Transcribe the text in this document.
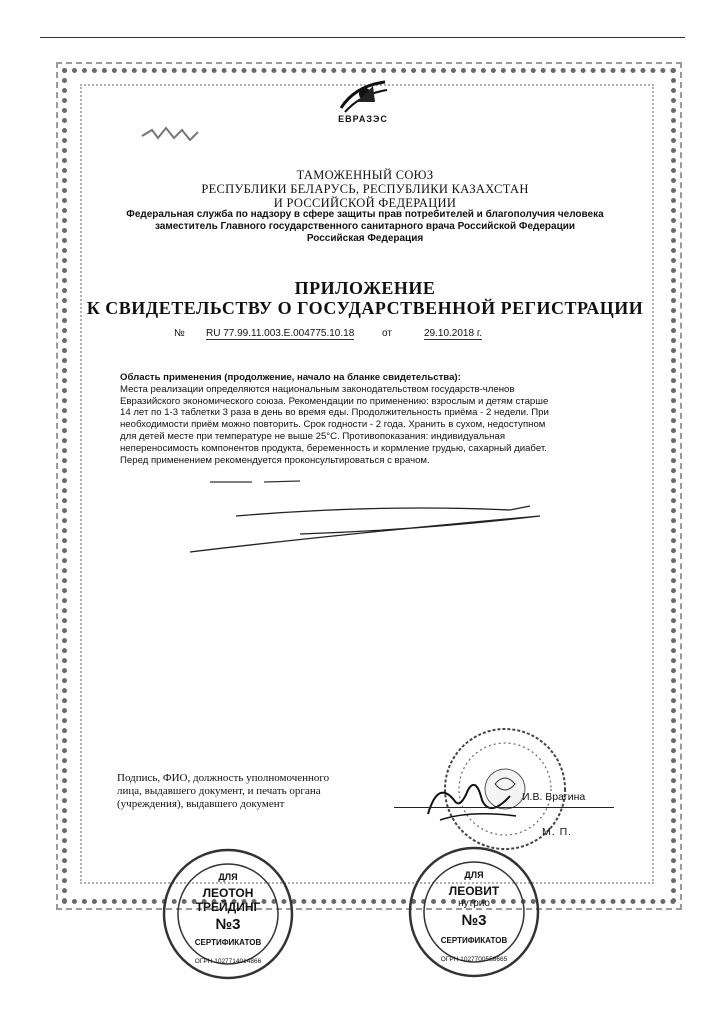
ЕВРАЗЭС
ТАМОЖЕННЫЙ СОЮЗ
РЕСПУБЛИКИ БЕЛАРУСЬ, РЕСПУБЛИКИ КАЗАХСТАН
И РОССИЙСКОЙ ФЕДЕРАЦИИ
Федеральная служба по надзору в сфере защиты прав потребителей и благополучия человека
заместитель Главного государственного санитарного врача Российской Федерации
Российская Федерация
ПРИЛОЖЕНИЕ
К СВИДЕТЕЛЬСТВУ О ГОСУДАРСТВЕННОЙ РЕГИСТРАЦИИ
№ RU 77.99.11.003.E.004775.10.18	от	29.10.2018 г.
Область применения (продолжение, начало на бланке свидетельства):
Места реализации определяются национальным законодательством государств-членов
Евразийского экономического союза. Рекомендации по применению: взрослым и детям старше
14 лет по 1-3 таблетки 3 раза в день во время еды. Продолжительность приёма - 2 недели. При
необходимости приём можно повторить. Срок годности - 2 года. Хранить в сухом, недоступном
для детей месте при температуре не выше 25°C. Противопоказания: индивидуальная
непереносимость компонентов продукта, беременность и кормление грудью, сахарный диабет.
Перед применением рекомендуется проконсультироваться с врачом.
Подпись, ФИО, должность уполномоченного
лица, выдавшего документ, и печать органа
(учреждения), выдавшего документ
И.В. Брагина
М. П.
ДЛЯ
ЛЕОТОН
ТРЕЙДИНГ
№3
СЕРТИФИКАТОВ
ОГРН 1027714014866
ДЛЯ
ЛЕОВИТ
нутрио
№3
СЕРТИФИКАТОВ
ОГРН 1027700558665
